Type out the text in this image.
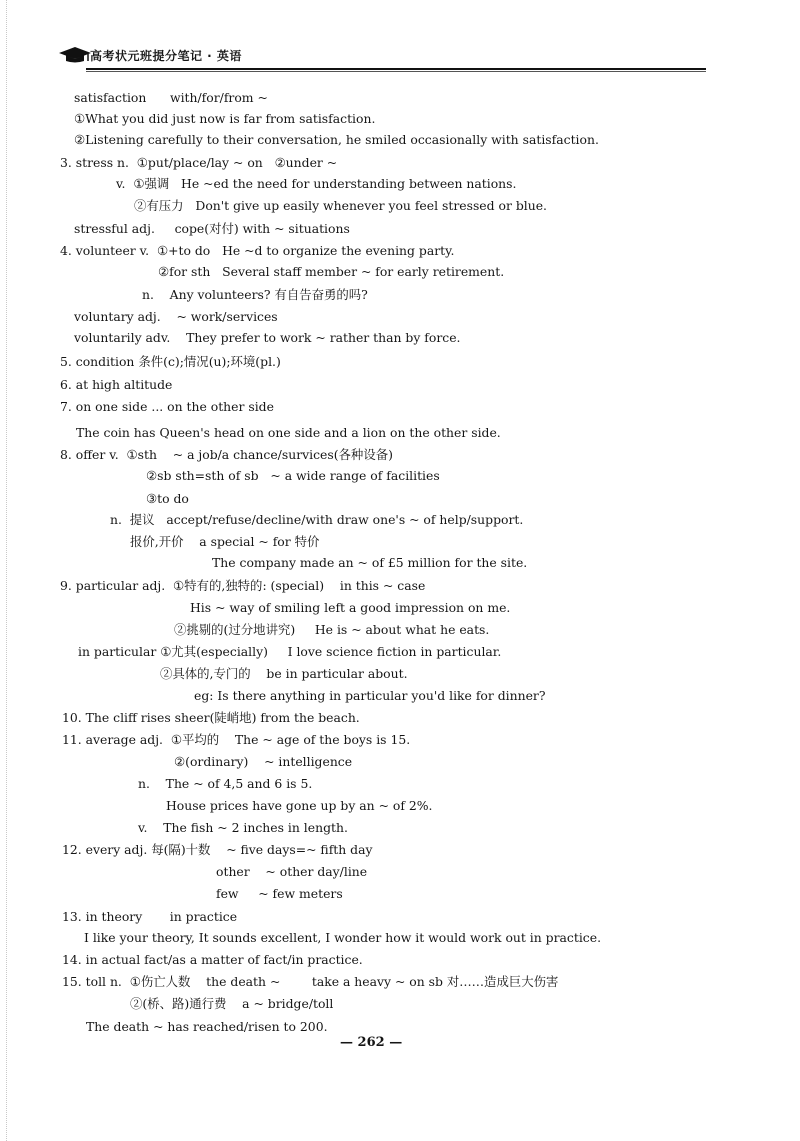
高考状元班提分笔记 · 英语
satisfaction      with/for/from ~
①What you did just now is far from satisfaction.
②Listening carefully to their conversation, he smiled occasionally with satisfaction.
3. stress n.  ①put/place/lay ~ on   ②under ~
v.  ①强调   He ~ed the need for understanding between nations.
②有压力   Don't give up easily whenever you feel stressed or blue.
stressful adj.     cope(对付) with ~ situations
4. volunteer v.  ①+to do   He ~d to organize the evening party.
②for sth   Several staff member ~ for early retirement.
n.    Any volunteers? 有自告奋勇的吗?
voluntary adj.    ~ work/services
voluntarily adv.    They prefer to work ~ rather than by force.
5. condition 条件(c);情况(u);环境(pl.)
6. at high altitude
7. on one side ... on the other side
The coin has Queen's head on one side and a lion on the other side.
8. offer v.  ①sth    ~ a job/a chance/survices(各种设备)
②sb sth=sth of sb   ~ a wide range of facilities
③to do
n.  提议   accept/refuse/decline/with draw one's ~ of help/support.
报价,开价    a special ~ for 特价
The company made an ~ of £5 million for the site.
9. particular adj.  ①特有的,独特的: (special)    in this ~ case
His ~ way of smiling left a good impression on me.
②挑剔的(过分地讲究)     He is ~ about what he eats.
in particular ①尤其(especially)     I love science fiction in particular.
②具体的,专门的    be in particular about.
eg: Is there anything in particular you'd like for dinner?
10. The cliff rises sheer(陡峭地) from the beach.
11. average adj.  ①平均的    The ~ age of the boys is 15.
②(ordinary)    ~ intelligence
n.    The ~ of 4,5 and 6 is 5.
House prices have gone up by an ~ of 2%.
v.    The fish ~ 2 inches in length.
12. every adj. 每(隔)十数    ~ five days=~ fifth day
other    ~ other day/line
few     ~ few meters
13. in theory       in practice
I like your theory, It sounds excellent, I wonder how it would work out in practice.
14. in actual fact/as a matter of fact/in practice.
15. toll n.  ①伤亡人数    the death ~        take a heavy ~ on sb 对……造成巨大伤害
②(桥、路)通行费    a ~ bridge/toll
The death ~ has reached/risen to 200.
— 262 —
